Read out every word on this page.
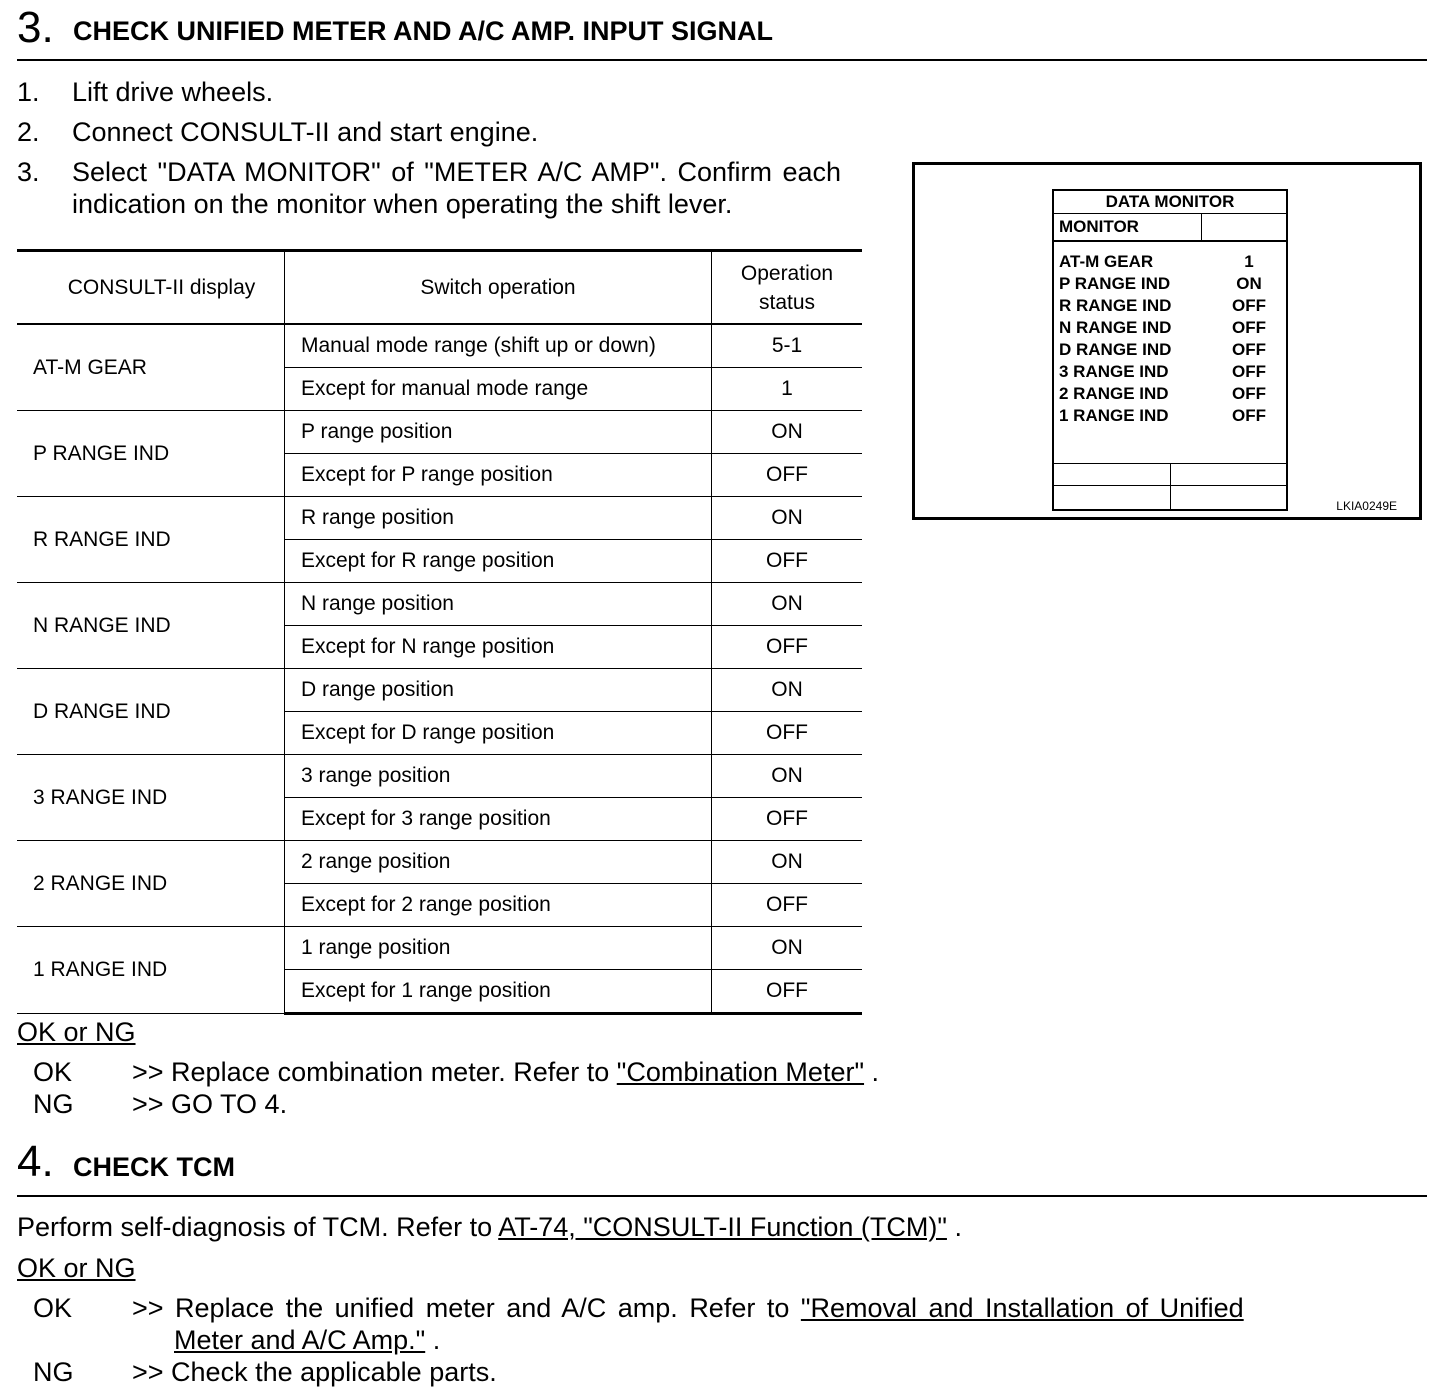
3. CHECK UNIFIED METER AND A/C AMP. INPUT SIGNAL
1. Lift drive wheels.
2. Connect CONSULT-II and start engine.
3. Select "DATA MONITOR" of "METER A/C AMP". Confirm each
indication on the monitor when operating the shift lever.
CONSULT-II display	Switch operation	Operation
status
AT-M GEAR	Manual mode range (shift up or down)	5-1
	Except for manual mode range	1
P RANGE IND	P range position	ON
	Except for P range position	OFF
R RANGE IND	R range position	ON
	Except for R range position	OFF
N RANGE IND	N range position	ON
	Except for N range position	OFF
D RANGE IND	D range position	ON
	Except for D range position	OFF
3 RANGE IND	3 range position	ON
	Except for 3 range position	OFF
2 RANGE IND	2 range position	ON
	Except for 2 range position	OFF
1 RANGE IND	1 range position	ON
	Except for 1 range position	OFF
DATA MONITOR
MONITOR
AT-M GEAR	1
P RANGE IND	ON
R RANGE IND	OFF
N RANGE IND	OFF
D RANGE IND	OFF
3 RANGE IND	OFF
2 RANGE IND	OFF
1 RANGE IND	OFF
LKIA0249E
OK or NG
OK >> Replace combination meter. Refer to "Combination Meter" .
NG >> GO TO 4.
4. CHECK TCM
Perform self-diagnosis of TCM. Refer to AT-74, "CONSULT-II Function (TCM)" .
OK or NG
OK >> Replace the unified meter and A/C amp. Refer to "Removal and Installation of Unified
Meter and A/C Amp." .
NG >> Check the applicable parts.
